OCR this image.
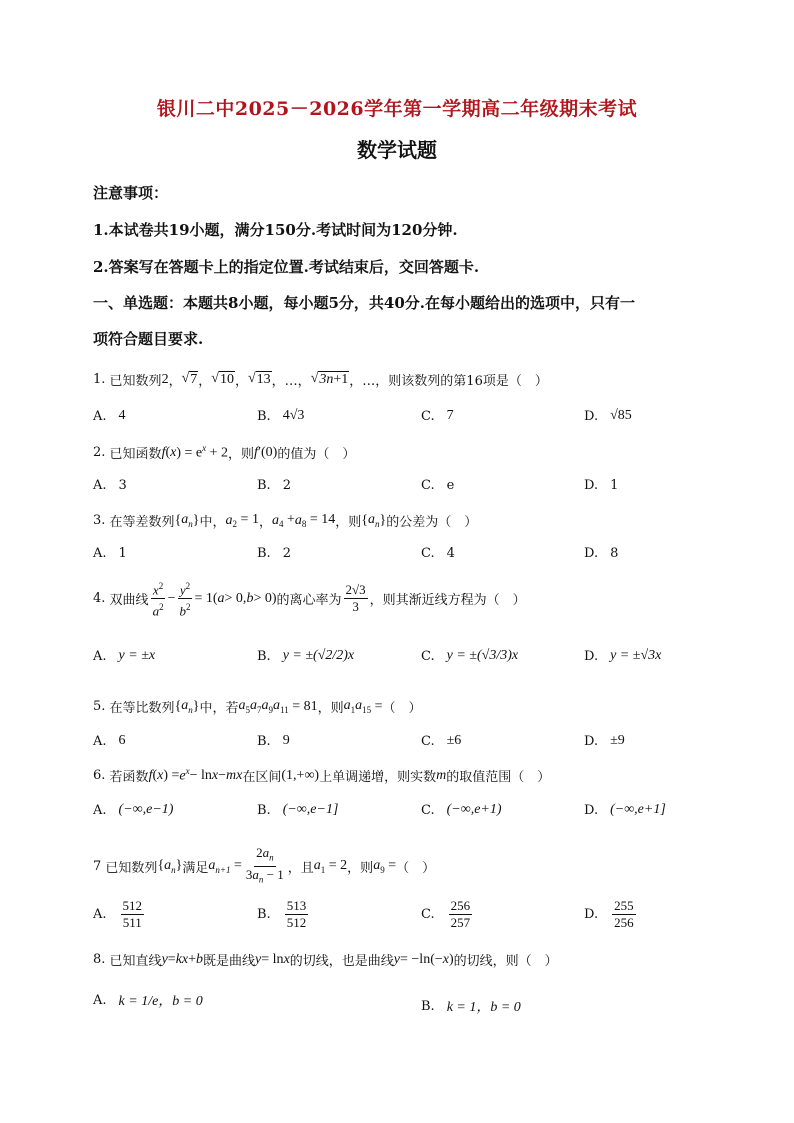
银川二中2025－2026学年第一学期高二年级期末考试
数学试题
注意事项：
1.本试卷共19小题，满分150分.考试时间为120分钟.
2.答案写在答题卡上的指定位置.考试结束后，交回答题卡.
一、单选题：本题共8小题，每小题5分，共40分.在每小题给出的选项中，只有一
项符合题目要求.
1.
已知数列 2 ， √ 7 ， √ 10 ， √ 13 ，…， √ 3n+1 ，… ，则该数列的第16项是（　）
A. 4	B. 4√3	C. 7	D. √85
2.
已知函数 f ( x ) = $e^x + 2$ ，则 f ′(0) 的值为（　）
A. 3	B. 2	C. e	D. 1
3.
在等差数列 { $a_n$ } 中， a $_2$ = 1 ， a $_4$ + a $_8$ = 14 ，则 { $a_n$ } 的公差为（　）
A. 1	B. 2	C. 4	D. 8
4.
双曲线 $\frac{x^2}{a^2} - \frac{y^2}{b^2} = 1$( a > 0, b > 0) 的离心率为 $\frac{2√3}{3}$ ，则其渐近线方程为（　）
A. y = ±x	B. y = ±(√2/2)x	C. y = ±(√3/3)x	D. y = ±√3x
5.
在等比数列 { $a_n$ } 中，若 $a_5a_7a_9a_{11} = 81$ ，则 $a_1a_{15}$ = （　）
A. 6	B. 9	C. ±6	D. ±9
6.
若函数 f ( x ) = $e^x - \ln x$ − mx 在区间 (1,+∞) 上单调递增，则实数 m 的取值范围（　）
A. (−∞,e−1)	B. (−∞,e−1]	C. (−∞,e+1)	D. (−∞,e+1]
7
已知数列 { $a_n$ } 满足 $a_{n+1} = \frac{2a_n}{3a_n - 1}$ ，且 a $_1$ = 2 ，则 a $_9$ = （　）
A. $\frac{512}{511}$	B. $\frac{513}{512}$	C. $\frac{256}{257}$	D. $\frac{255}{256}$
8.
已知直线 y = kx + b 既是曲线 y = ln x 的切线，也是曲线 y = −ln(− x ) 的切线，则（　）
A. k = 1/e，b = 0	B. k = 1，b = 0
